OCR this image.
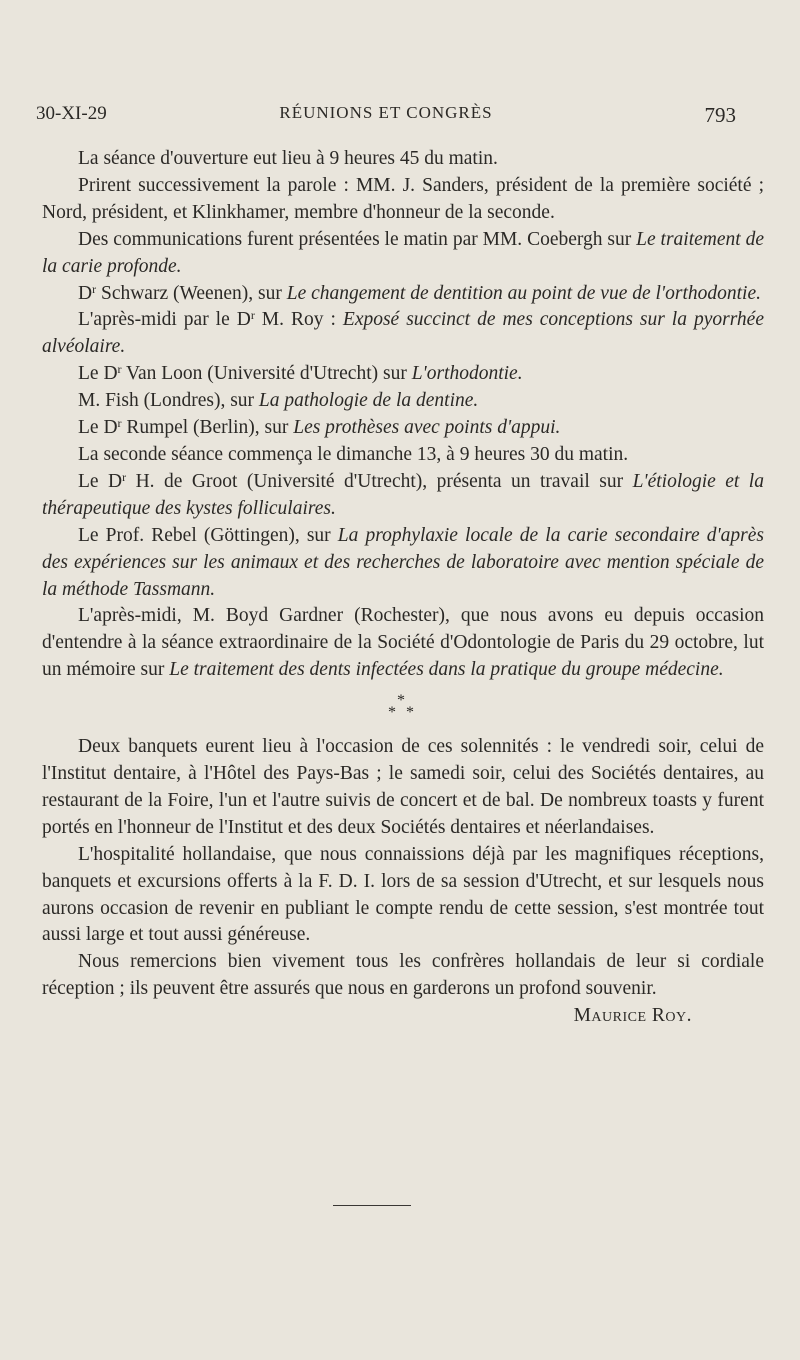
30-XI-29	RÉUNIONS ET CONGRÈS	793

La séance d'ouverture eut lieu à 9 heures 45 du matin.

Prirent successivement la parole : MM. J. Sanders, président de la première société ; Nord, président, et Klinkhamer, membre d'honneur de la seconde.

Des communications furent présentées le matin par MM. Coebergh sur Le traitement de la carie profonde.

$D^r$ Schwarz (Weenen), sur Le changement de dentition au point de vue de l'orthodontie.

L'après-midi par le $D^r$ M. Roy : Exposé succinct de mes conceptions sur la pyorrhée alvéolaire.

Le $D^r$ Van Loon (Université d'Utrecht) sur L'orthodontie.

M. Fish (Londres), sur La pathologie de la dentine.

Le $D^r$ Rumpel (Berlin), sur Les prothèses avec points d'appui.

La seconde séance commença le dimanche 13, à 9 heures 30 du matin.

Le $D^r$ H. de Groot (Université d'Utrecht), présenta un travail sur L'étiologie et la thérapeutique des kystes folliculaires.

Le Prof. Rebel (Göttingen), sur La prophylaxie locale de la carie secondaire d'après des expériences sur les animaux et des recherches de laboratoire avec mention spéciale de la méthode Tassmann.

L'après-midi, M. Boyd Gardner (Rochester), que nous avons eu depuis occasion d'entendre à la séance extraordinaire de la Société d'Odontologie de Paris du 29 octobre, lut un mémoire sur Le traitement des dents infectées dans la pratique du groupe médecine.

*
* *

Deux banquets eurent lieu à l'occasion de ces solennités : le vendredi soir, celui de l'Institut dentaire, à l'Hôtel des Pays-Bas ; le samedi soir, celui des Sociétés dentaires, au restaurant de la Foire, l'un et l'autre suivis de concert et de bal. De nombreux toasts y furent portés en l'honneur de l'Institut et des deux Sociétés dentaires et néerlandaises.

L'hospitalité hollandaise, que nous connaissions déjà par les magnifiques réceptions, banquets et excursions offerts à la F. D. I. lors de sa session d'Utrecht, et sur lesquels nous aurons occasion de revenir en publiant le compte rendu de cette session, s'est montrée tout aussi large et tout aussi généreuse.

Nous remercions bien vivement tous les confrères hollandais de leur si cordiale réception ; ils peuvent être assurés que nous en garderons un profond souvenir.

Maurice Roy.
